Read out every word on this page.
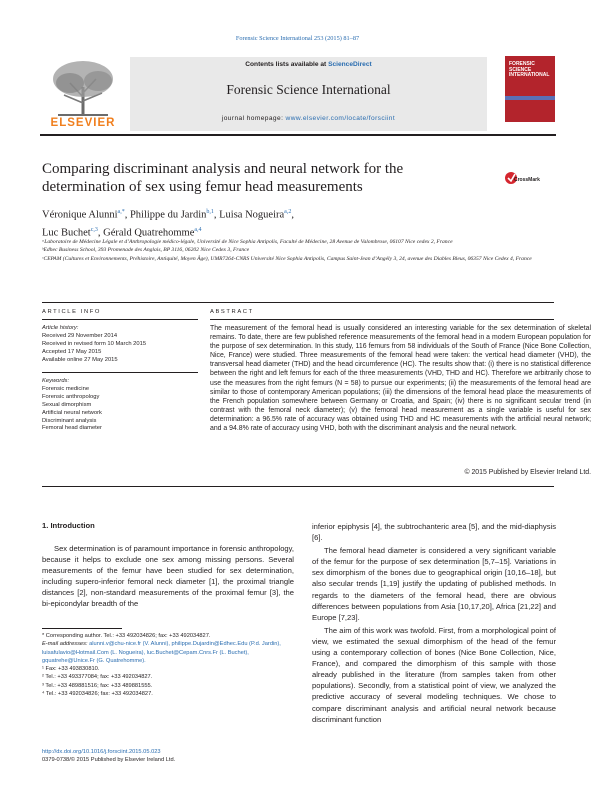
Forensic Science International 253 (2015) 81–87
Contents lists available at ScienceDirect
Forensic Science International
journal homepage: www.elsevier.com/locate/forsciint
ELSEVIER
FORENSIC SCIENCE INTERNATIONAL
Comparing discriminant analysis and neural network for the determination of sex using femur head measurements	CrossMark
Véronique Alunni$^{a,*}$, Philippe du Jardin$^{b,1}$, Luisa Nogueira$^{a,2}$,
Luc Buchet$^{c,3}$, Gérald Quatrehomme$^{a,4}$

ᵃLaboratoire de Médecine Légale et d’Anthropologie médico-légale, Université de Nice Sophia Antipolis, Faculté de Médecine, 28 Avenue de Valombrose, 06107 Nice cedex 2, France

ᵇEdhec Business School, 393 Promenade des Anglais, BP 3116, 06202 Nice Cedex 3, France

ᶜCEPAM (Cultures et Environnements, Préhistoire, Antiquité, Moyen Âge), UMR7264-CNRS Université Nice Sophia Antipolis, Campus Saint-Jean d’Angély 3, 24, avenue des Diables Bleus, 06357 Nice Cedex 4, France

ARTICLE INFO	ABSTRACT

Article history:

Received 29 November 2014

Received in revised form 10 March 2015

Accepted 17 May 2015

Available online 27 May 2015

Keywords:

Forensic medicine

Forensic anthropology

Sexual dimorphism

Artificial neural network

Discriminant analysis

Femoral head diameter

The measurement of the femoral head is usually considered an interesting variable for the sex determination of skeletal remains. To date, there are few published reference measurements of the femoral head in a modern European population for the purpose of sex determination. In this study, 116 femurs from 58 individuals of the South of France (Nice Bone Collection, Nice, France) were studied. Three measurements of the femoral head were taken: the vertical head diameter (VHD), the transversal head diameter (THD) and the head circumference (HC). The results show that: (i) there is no statistical difference between the right and left femurs for each of the three measurements (VHD, THD and HC). Therefore we arbitrarily chose to use the measures from the right femurs (N = 58) to pursue our experiments; (ii) the measurements of the femoral head are similar to those of contemporary American populations; (iii) the dimensions of the femoral head place the measurements of the French population somewhere between Germany or Croatia, and Spain; (iv) there is no significant secular trend (in contrast with the femoral neck diameter); (v) the femoral head measurement as a single variable is useful for sex determination: a 96.5% rate of accuracy was obtained using THD and HC measurements with the artificial neural network; and a 94.8% rate of accuracy using VHD, both with the discriminant analysis and the neural network.
© 2015 Published by Elsevier Ireland Ltd.
1. Introduction

Sex determination is of paramount importance in forensic anthropology, because it helps to exclude one sex among missing persons. Several measurements of the femur have been studied for sex determination, including supero-inferior femoral neck diameter [1], the proximal triangle distances [2], non-standard measurements of the proximal femur [3], the bi-epicondylar breadth of the

inferior epiphysis [4], the subtrochanteric area [5], and the mid-diaphysis [6].

The femoral head diameter is considered a very significant variable of the femur for the purpose of sex determination [5,7–15]. Variations in sex dimorphism of the bones due to geographical origin [10,16–18], but also secular trends [1,19] justify the updating of published methods. In regards to the diameters of the femoral head, there are obvious differences between populations from Asia [10,17,20], Africa [21,22] and Europe [7,23].

The aim of this work was twofold. First, from a morphological point of view, we estimated the sexual dimorphism of the head of the femur using a contemporary collection of bones (Nice Bone Collection, Nice, France), and compared the dimorphism of this sample with those already published in the literature (from samples taken from other populations). Secondly, from a statistical point of view, we analyzed the predictive accuracy of several modeling techniques. We chose to compare discriminant analysis and artificial neural network because discriminant function

* Corresponding author. Tel.: +33 492034826; fax: +33 492034827.

E-mail addresses: alunni.v@chu-nice.fr (V. Alunni), philippe.Dujardin@Edhec.Edu (P.d. Jardin), luisafulavio@Hotmail.Com (L. Nogueira), luc.Buchet@Cepam.Cnrs.Fr (L. Buchet), gquatrehe@Unice.Fr (G. Quatrehomme).

¹ Fax: +33 493830810.

² Tel.: +33 493377084; fax: +33 492034827.

³ Tel.: +33 489881516; fax: +33 489881555.

⁴ Tel.: +33 492034826; fax: +33 492034827.

http://dx.doi.org/10.1016/j.forsciint.2015.05.023
0379-0738/© 2015 Published by Elsevier Ireland Ltd.
